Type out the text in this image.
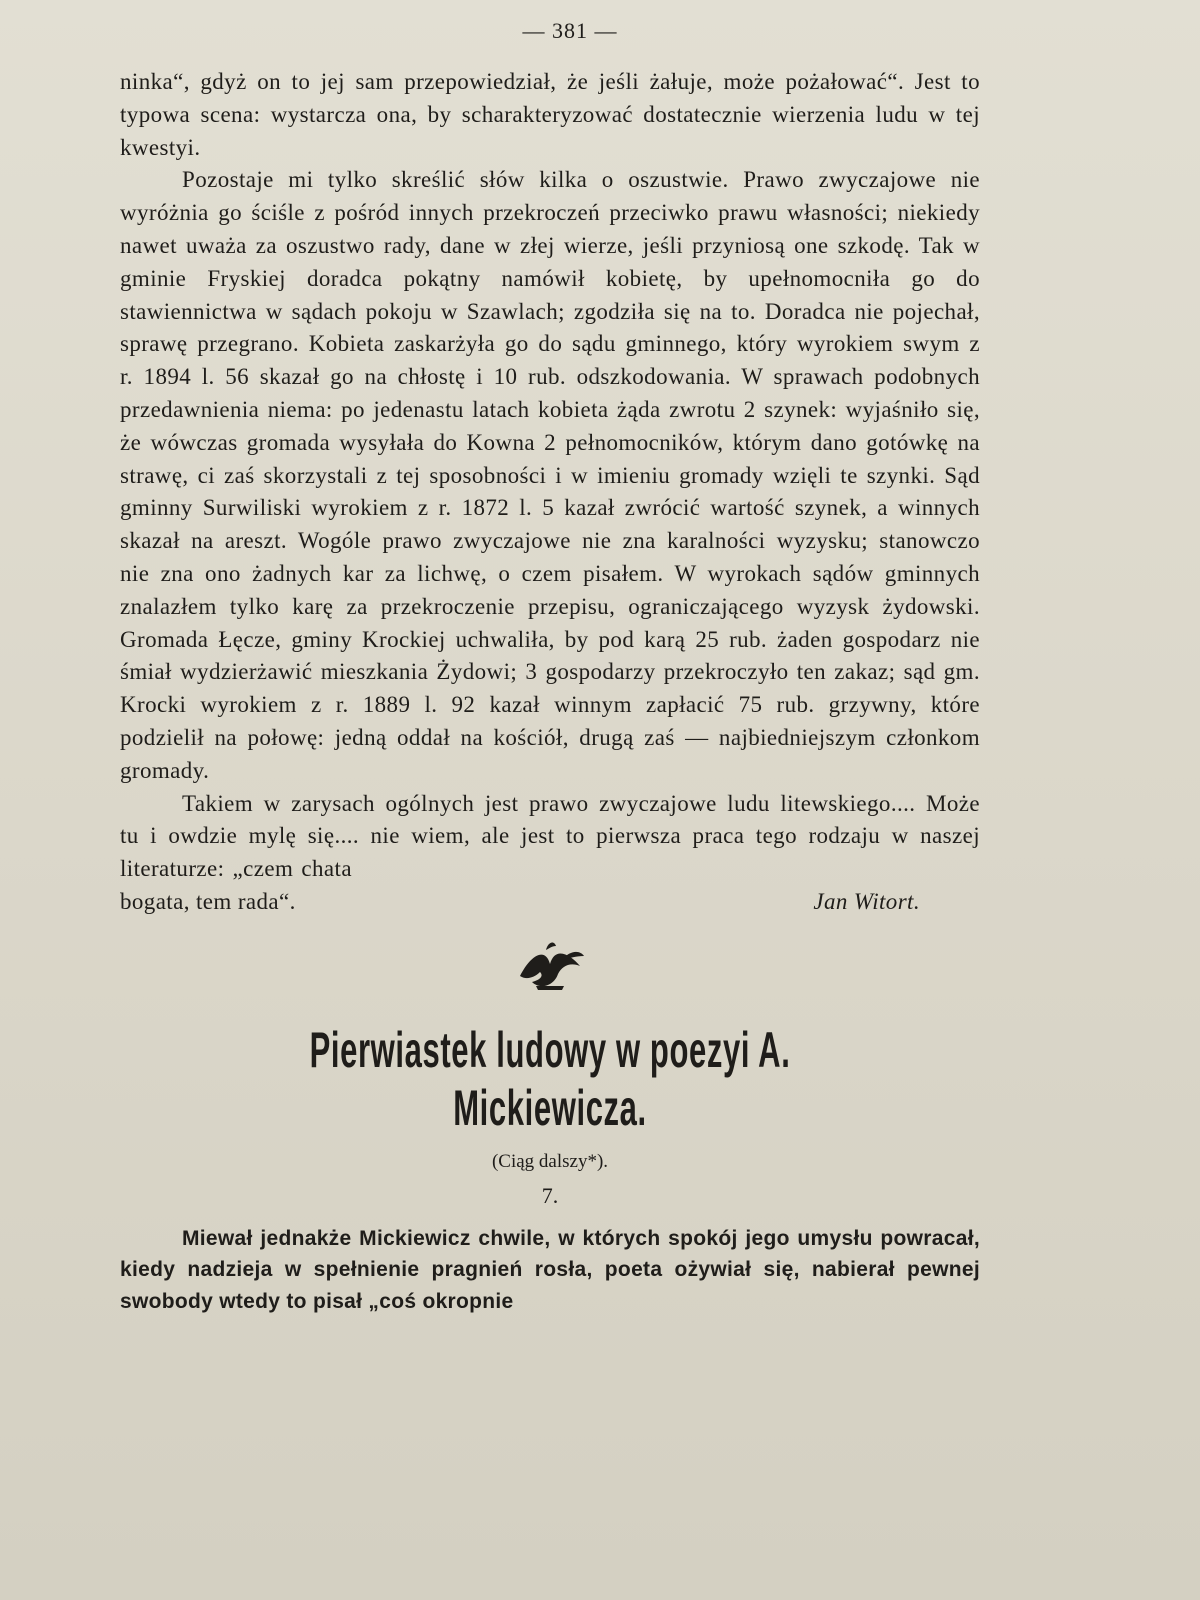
— 381 —

ninka“, gdyż on to jej sam przepowiedział, że jeśli żałuje, może pożałować“. Jest to typowa scena: wystarcza ona, by scharakteryzować dostatecznie wierzenia ludu w tej kwestyi.

Pozostaje mi tylko skreślić słów kilka o oszustwie. Prawo zwyczajowe nie wyróżnia go ściśle z pośród innych przekroczeń przeciwko prawu własności; niekiedy nawet uważa za oszustwo rady, dane w złej wierze, jeśli przyniosą one szkodę. Tak w gminie Fryskiej doradca pokątny namówił kobietę, by upełnomocniła go do stawiennictwa w sądach pokoju w Szawlach; zgodziła się na to. Doradca nie pojechał, sprawę przegrano. Kobieta zaskarżyła go do sądu gminnego, który wyrokiem swym z r. 1894 l. 56 skazał go na chłostę i 10 rub. odszkodowania. W sprawach podobnych przedawnienia niema: po jedenastu latach kobieta żąda zwrotu 2 szynek: wyjaśniło się, że wówczas gromada wysyłała do Kowna 2 pełnomocników, którym dano gotówkę na strawę, ci zaś skorzystali z tej sposobności i w imieniu gromady wzięli te szynki. Sąd gminny Surwiliski wyrokiem z r. 1872 l. 5 kazał zwrócić wartość szynek, a winnych skazał na areszt. Wogóle prawo zwyczajowe nie zna karalności wyzysku; stanowczo nie zna ono żadnych kar za lichwę, o czem pisałem. W wyrokach sądów gminnych znalazłem tylko karę za przekroczenie przepisu, ograniczającego wyzysk żydowski. Gromada Łęcze, gminy Krockiej uchwaliła, by pod karą 25 rub. żaden gospodarz nie śmiał wydzierżawić mieszkania Żydowi; 3 gospodarzy przekroczyło ten zakaz; sąd gm. Krocki wyrokiem z r. 1889 l. 92 kazał winnym zapłacić 75 rub. grzywny, które podzielił na połowę: jedną oddał na kościół, drugą zaś — najbiedniejszym członkom gromady.

Takiem w zarysach ogólnych jest prawo zwyczajowe ludu litewskiego.... Może tu i owdzie mylę się.... nie wiem, ale jest to pierwsza praca tego rodzaju w naszej literaturze: „czem chata

bogata, tem rada“.	Jan Witort.
Pierwiastek ludowy w poezyi A. Mickiewicza.
(Ciąg dalszy*).
7.

Miewał jednakże Mickiewicz chwile, w których spokój jego umysłu powracał, kiedy nadzieja w spełnienie pragnień rosła, poeta ożywiał się, nabierał pewnej swobody wtedy to pisał „coś okropnie
